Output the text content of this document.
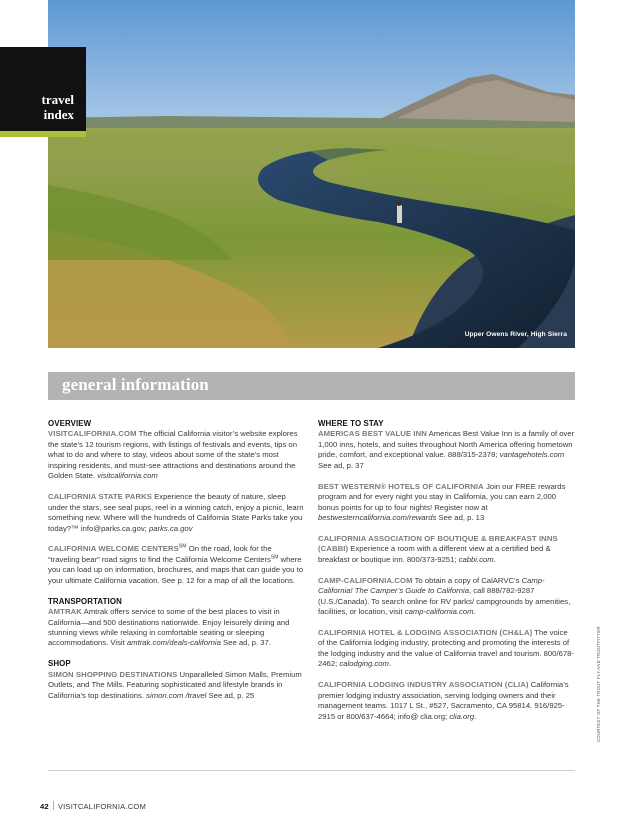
Upper Owens River, High Sierra
travel
index
general information
OVERVIEW
VISITCALIFORNIA.COM The official California visitor’s website explores the state’s 12 tourism regions, with listings of festivals and events, tips on what to do and where to stay, videos about some of the state’s most inspiring residents, and must-see attractions and destinations around the Golden State. visitcalifornia.com
CALIFORNIA STATE PARKS Experience the beauty of nature, sleep under the stars, see seal pups, reel in a winning catch, enjoy a picnic, learn something new. Where will the hundreds of California State Parks take you today?™ info@parks.ca.gov; parks.ca.gov
CALIFORNIA WELCOME CENTERS℠ On the road, look for the “traveling bear” road signs to find the California Welcome Centers℠ where you can load up on information, brochures, and maps that can guide you to your ultimate California vacation. See p. 12 for a map of all the locations.
TRANSPORTATION
AMTRAK Amtrak offers service to some of the best places to visit in California—and 500 destinations nationwide. Enjoy leisurely dining and stunning views while relaxing in comfortable seating or sleeping accommodations. Visit amtrak.com/deals-california See ad, p. 37.
SHOP
SIMON SHOPPING DESTINATIONS Unparalleled Simon Malls, Premium Outlets, and The Mills. Featuring sophisticated and lifestyle brands in California’s top destinations. simon.com /travel See ad, p. 25
WHERE TO STAY
AMERICAS BEST VALUE INN Americas Best Value Inn is a family of over 1,000 inns, hotels, and suites throughout North America offering hometown pride, comfort, and exceptional value. 888/315-2378; vantagehotels.com See ad, p. 37
BEST WESTERN® HOTELS OF CALIFORNIA Join our FREE rewards program and for every night you stay in California, you can earn 2,000 bonus points for up to four nights! Register now at bestwesterncalifornia.com/rewards See ad, p. 13
CALIFORNIA ASSOCIATION OF BOUTIQUE & BREAKFAST INNS (CABBI) Experience a room with a different view at a certified bed & breakfast or boutique inn. 800/373-9251; cabbi.com.
CAMP-CALIFORNIA.COM To obtain a copy of CalARVC’s Camp-California! The Camper’s Guide to California, call 888/782-9287 (U.S./Canada). To search online for RV parks/ campgrounds by amenities, facilities, or location, visit camp-california.com.
CALIFORNIA HOTEL & LODGING ASSOCIATION (CH&LA) The voice of the California lodging industry, protecting and promoting the interests of the lodging industry and the value of California travel and tourism. 800/678-2462; calodging.com.
CALIFORNIA LODGING INDUSTRY ASSOCIATION (CLIA) California’s premier lodging industry association, serving lodging owners and their management teams. 1017 L St., #527, Sacramento, CA 95814. 916/925-2915 or 800/637-4664; info@ clia.org; clia.org.	COURTESY OF THE TROUT FLY AND TROUTFITTER
42 VISITCALIFORNIA.COM
